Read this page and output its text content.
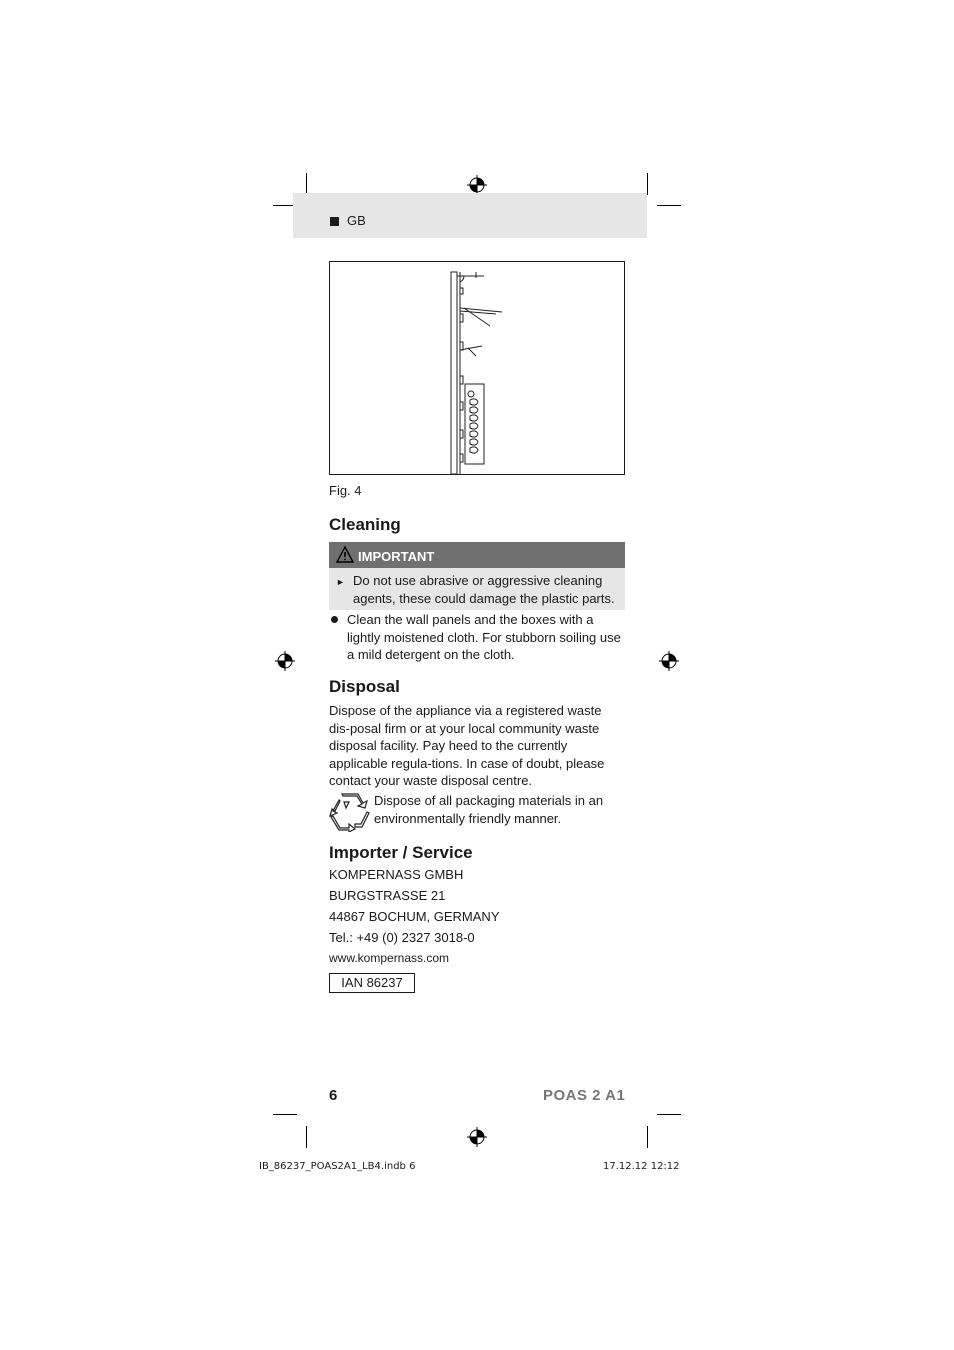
GB
Fig. 4
Cleaning
IMPORTANT
► Do not use abrasive or aggressive cleaning agents, these could damage the plastic parts.
Clean the wall panels and the boxes with a lightly moistened cloth. For stubborn soiling use a mild detergent on the cloth.
Disposal
Dispose of the appliance via a registered waste dis-posal firm or at your local community waste disposal facility. Pay heed to the currently applicable regula-tions. In case of doubt, please contact your waste disposal centre.
Dispose of all packaging materials in an environmentally friendly manner.
Importer / Service
KOMPERNASS GMBH
BURGSTRASSE 21
44867 BOCHUM, GERMANY
Tel.: +49 (0) 2327 3018-0
www.kompernass.com
IAN 86237
6	POAS 2 A1
IB_86237_POAS2A1_LB4.indb 6	17.12.12 12:12
